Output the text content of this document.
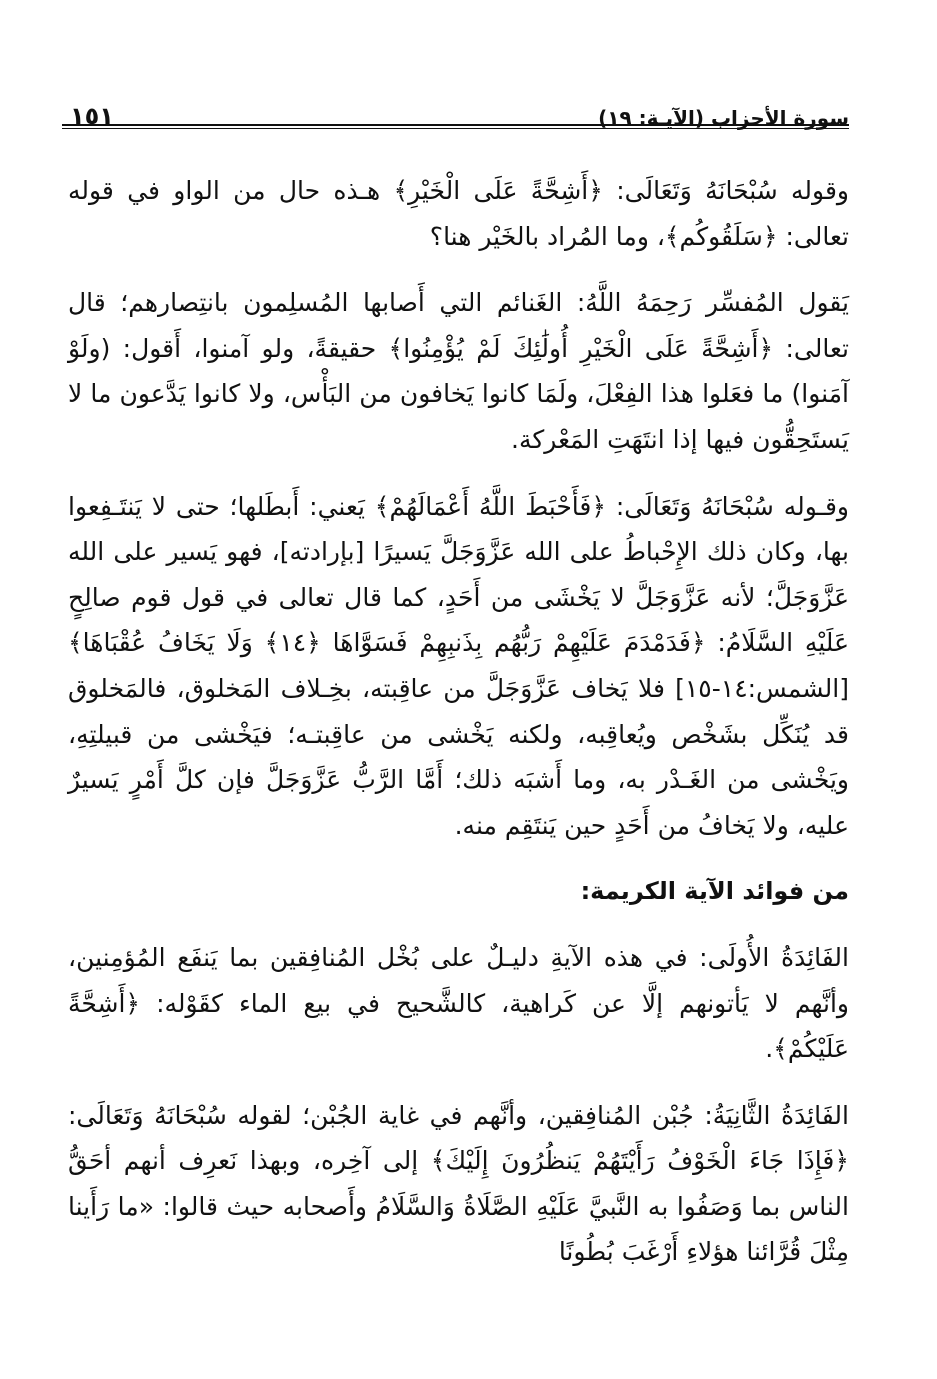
سورة الأحزاب (الآيـة: ١٩)
١٥١

وقوله سُبْحَانَهُ وَتَعَالَى: ﴿أَشِحَّةً عَلَى الْخَيْرِ﴾ هـذه حال من الواو في قوله تعالى: ﴿سَلَقُوكُم﴾، وما المُراد بالخَيْر هنا؟

يَقول المُفسِّر رَحِمَهُ اللَّهُ: الغَنائم التي أَصابها المُسلِمون بانتِصارهم؛ قال تعالى: ﴿أَشِحَّةً عَلَى الْخَيْرِ أُولَٰئِكَ لَمْ يُؤْمِنُوا﴾ حقيقةً، ولو آمنوا، أَقول: (ولَوْ آمَنوا) ما فعَلوا هذا الفِعْلَ، ولَمَا كانوا يَخافون من البَأْس، ولا كانوا يَدَّعون ما لا يَستَحِقُّون فيها إذا انتَهَتِ المَعْركة.

وقـوله سُبْحَانَهُ وَتَعَالَى: ﴿فَأَحْبَطَ اللَّهُ أَعْمَالَهُمْ﴾ يَعني: أَبطَلها؛ حتى لا يَنتَـفِعوا بها، وكان ذلك الإِحْباطُ على الله عَزَّوَجَلَّ يَسيرًا [بإرادته]، فهو يَسير على الله عَزَّوَجَلَّ؛ لأنه عَزَّوَجَلَّ لا يَخْشَى من أَحَدٍ، كما قال تعالى في قول قوم صالِحٍ عَلَيْهِ السَّلَامُ: ﴿فَدَمْدَمَ عَلَيْهِمْ رَبُّهُم بِذَنبِهِمْ فَسَوَّاهَا ﴿١٤﴾ وَلَا يَخَافُ عُقْبَاهَا﴾ [الشمس:١٤-١٥] فلا يَخاف عَزَّوَجَلَّ من عاقِبته، بخِـلاف المَخلوق، فالمَخلوق قد يُنَكِّل بشَخْص ويُعاقِبه، ولكنه يَخْشى من عاقِبتـه؛ فيَخْشى من قبيلتِهِ، ويَخْشى من الغَـدْر به، وما أَشبَه ذلك؛ أَمَّا الرَّبُّ عَزَّوَجَلَّ فإن كلَّ أَمْرٍ يَسيرٌ عليه، ولا يَخافُ من أَحَدٍ حين يَنتَقِم منه.

من فوائد الآية الكريمة:

الفَائِدَةُ الأُولَى: في هذه الآيةِ دليـلٌ على بُخْل المُنافِقين بما يَنفَع المُؤمِنين، وأنَّهم لا يَأتونهم إلَّا عن كَراهية، كالشَّحيح في بيع الماء كقَوْله: ﴿أَشِحَّةً عَلَيْكُمْ﴾.

الفَائِدَةُ الثَّانِيَةُ: جُبْن المُنافِقين، وأنَّهم في غاية الجُبْن؛ لقوله سُبْحَانَهُ وَتَعَالَى: ﴿فَإِذَا جَاءَ الْخَوْفُ رَأَيْتَهُمْ يَنظُرُونَ إِلَيْكَ﴾ إلى آخِره، وبهذا نَعرِف أنهم أحَقُّ الناس بما وَصَفُوا به النَّبيَّ عَلَيْهِ الصَّلَاةُ وَالسَّلَامُ وأَصحابه حيث قالوا: «ما رَأَينا مِثْلَ قُرَّائنا هؤلاءِ أَرْغَبَ بُطُونًا
